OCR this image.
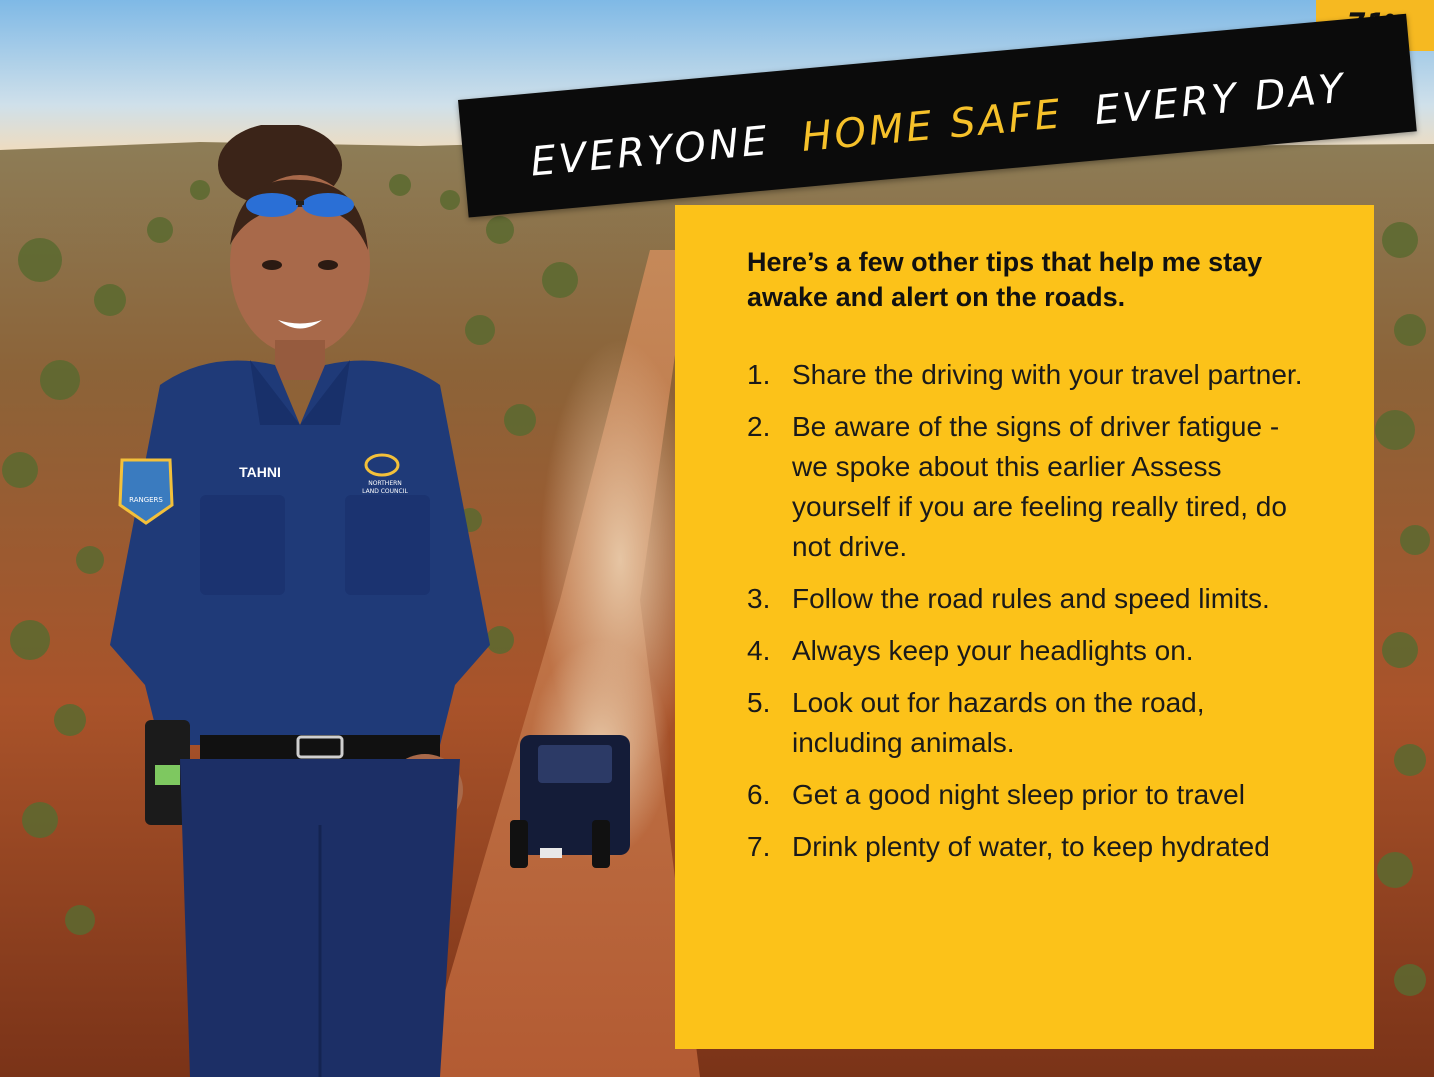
RANGERS
TAHNI
NORTHERN
LAND COUNCIL
EVERYONE HOME SAFE EVERY DAY
Here’s a few other tips that help me stay awake and alert on the roads.
1. Share the driving with your travel partner.
2. Be aware of the signs of driver fatigue - we spoke about this earlier Assess yourself if you are feeling really tired, do not drive.
3. Follow the road rules and speed limits.
4. Always keep your headlights on.
5. Look out for hazards on the road, including animals.
6. Get a good night sleep prior to travel
7. Drink plenty of water, to keep hydrated
